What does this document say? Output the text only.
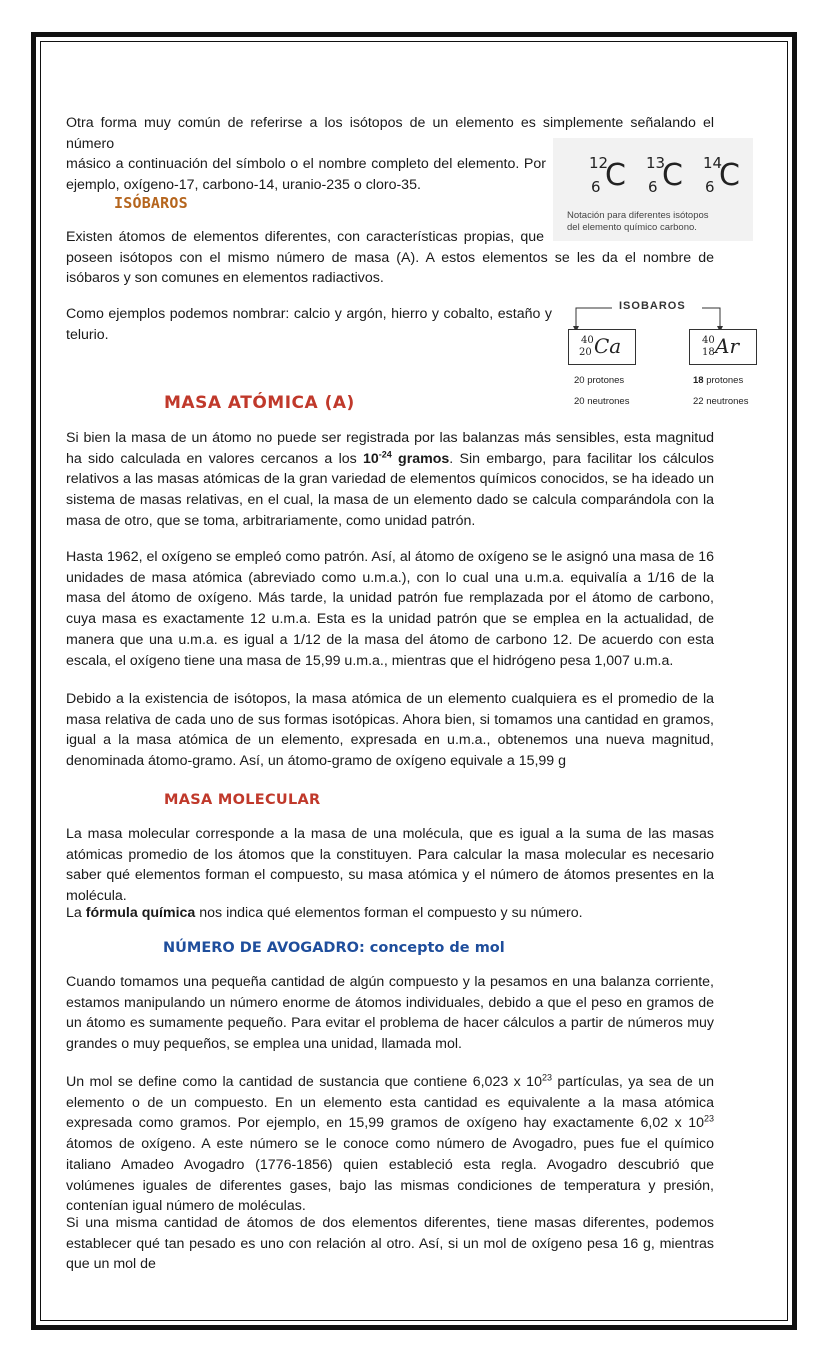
Otra forma muy común de referirse a los isótopos de un elemento es simplemente señalando el número

másico a continuación del símbolo o el nombre completo del elemento. Por

ejemplo, oxígeno-17, carbono-14, uranio-235 o cloro-35.

12
6 C 13
6 C 14
6 C
Notación para diferentes isótopos
del elemento químico carbono.
ISÓBAROS

Existen átomos de elementos diferentes, con características propias, que

poseen isótopos con el mismo número de masa (A). A estos elementos se les da el nombre de isóbaros y son comunes en elementos radiactivos.

Como ejemplos podemos nombrar: calcio y argón, hierro y cobalto, estaño y

telurio.

ISOBAROS
40
20 Ca	40
18 Ar
20 protones
20 neutrones
18 protones
22 neutrones
MASA ATÓMICA (A)

Si bien la masa de un átomo no puede ser registrada por las balanzas más sensibles, esta magnitud ha sido calculada en valores cercanos a los $10^{-24}$ gramos. Sin embargo, para facilitar los cálculos relativos a las masas atómicas de la gran variedad de elementos químicos conocidos, se ha ideado un sistema de masas relativas, en el cual, la masa de un elemento dado se calcula comparándola con la masa de otro, que se toma, arbitrariamente, como unidad patrón.

Hasta 1962, el oxígeno se empleó como patrón. Así, al átomo de oxígeno se le asignó una masa de 16 unidades de masa atómica (abreviado como u.m.a.), con lo cual una u.m.a. equivalía a 1/16 de la masa del átomo de oxígeno. Más tarde, la unidad patrón fue remplazada por el átomo de carbono, cuya masa es exactamente 12 u.m.a. Esta es la unidad patrón que se emplea en la actualidad, de manera que una u.m.a. es igual a 1/12 de la masa del átomo de carbono 12. De acuerdo con esta escala, el oxígeno tiene una masa de 15,99 u.m.a., mientras que el hidrógeno pesa 1,007 u.m.a.

Debido a la existencia de isótopos, la masa atómica de un elemento cualquiera es el promedio de la masa relativa de cada uno de sus formas isotópicas. Ahora bien, si tomamos una cantidad en gramos, igual a la masa atómica de un elemento, expresada en u.m.a., obtenemos una nueva magnitud, denominada átomo-gramo. Así, un átomo-gramo de oxígeno equivale a 15,99 g

MASA MOLECULAR

La masa molecular corresponde a la masa de una molécula, que es igual a la suma de las masas atómicas promedio de los átomos que la constituyen. Para calcular la masa molecular es necesario saber qué elementos forman el compuesto, su masa atómica y el número de átomos presentes en la molécula.

La fórmula química nos indica qué elementos forman el compuesto y su número.

NÚMERO DE AVOGADRO: concepto de mol

Cuando tomamos una pequeña cantidad de algún compuesto y la pesamos en una balanza corriente, estamos manipulando un número enorme de átomos individuales, debido a que el peso en gramos de un átomo es sumamente pequeño. Para evitar el problema de hacer cálculos a partir de números muy grandes o muy pequeños, se emplea una unidad, llamada mol.

Un mol se define como la cantidad de sustancia que contiene 6,023 x $10^{23}$ partículas, ya sea de un elemento o de un compuesto. En un elemento esta cantidad es equivalente a la masa atómica expresada como gramos. Por ejemplo, en 15,99 gramos de oxígeno hay exactamente 6,02 x $10^{23}$ átomos de oxígeno. A este número se le conoce como número de Avogadro, pues fue el químico italiano Amadeo Avogadro (1776-1856) quien estableció esta regla. Avogadro descubrió que volúmenes iguales de diferentes gases, bajo las mismas condiciones de temperatura y presión, contenían igual número de moléculas.

Si una misma cantidad de átomos de dos elementos diferentes, tiene masas diferentes, podemos establecer qué tan pesado es uno con relación al otro. Así, si un mol de oxígeno pesa 16 g, mientras que un mol de
